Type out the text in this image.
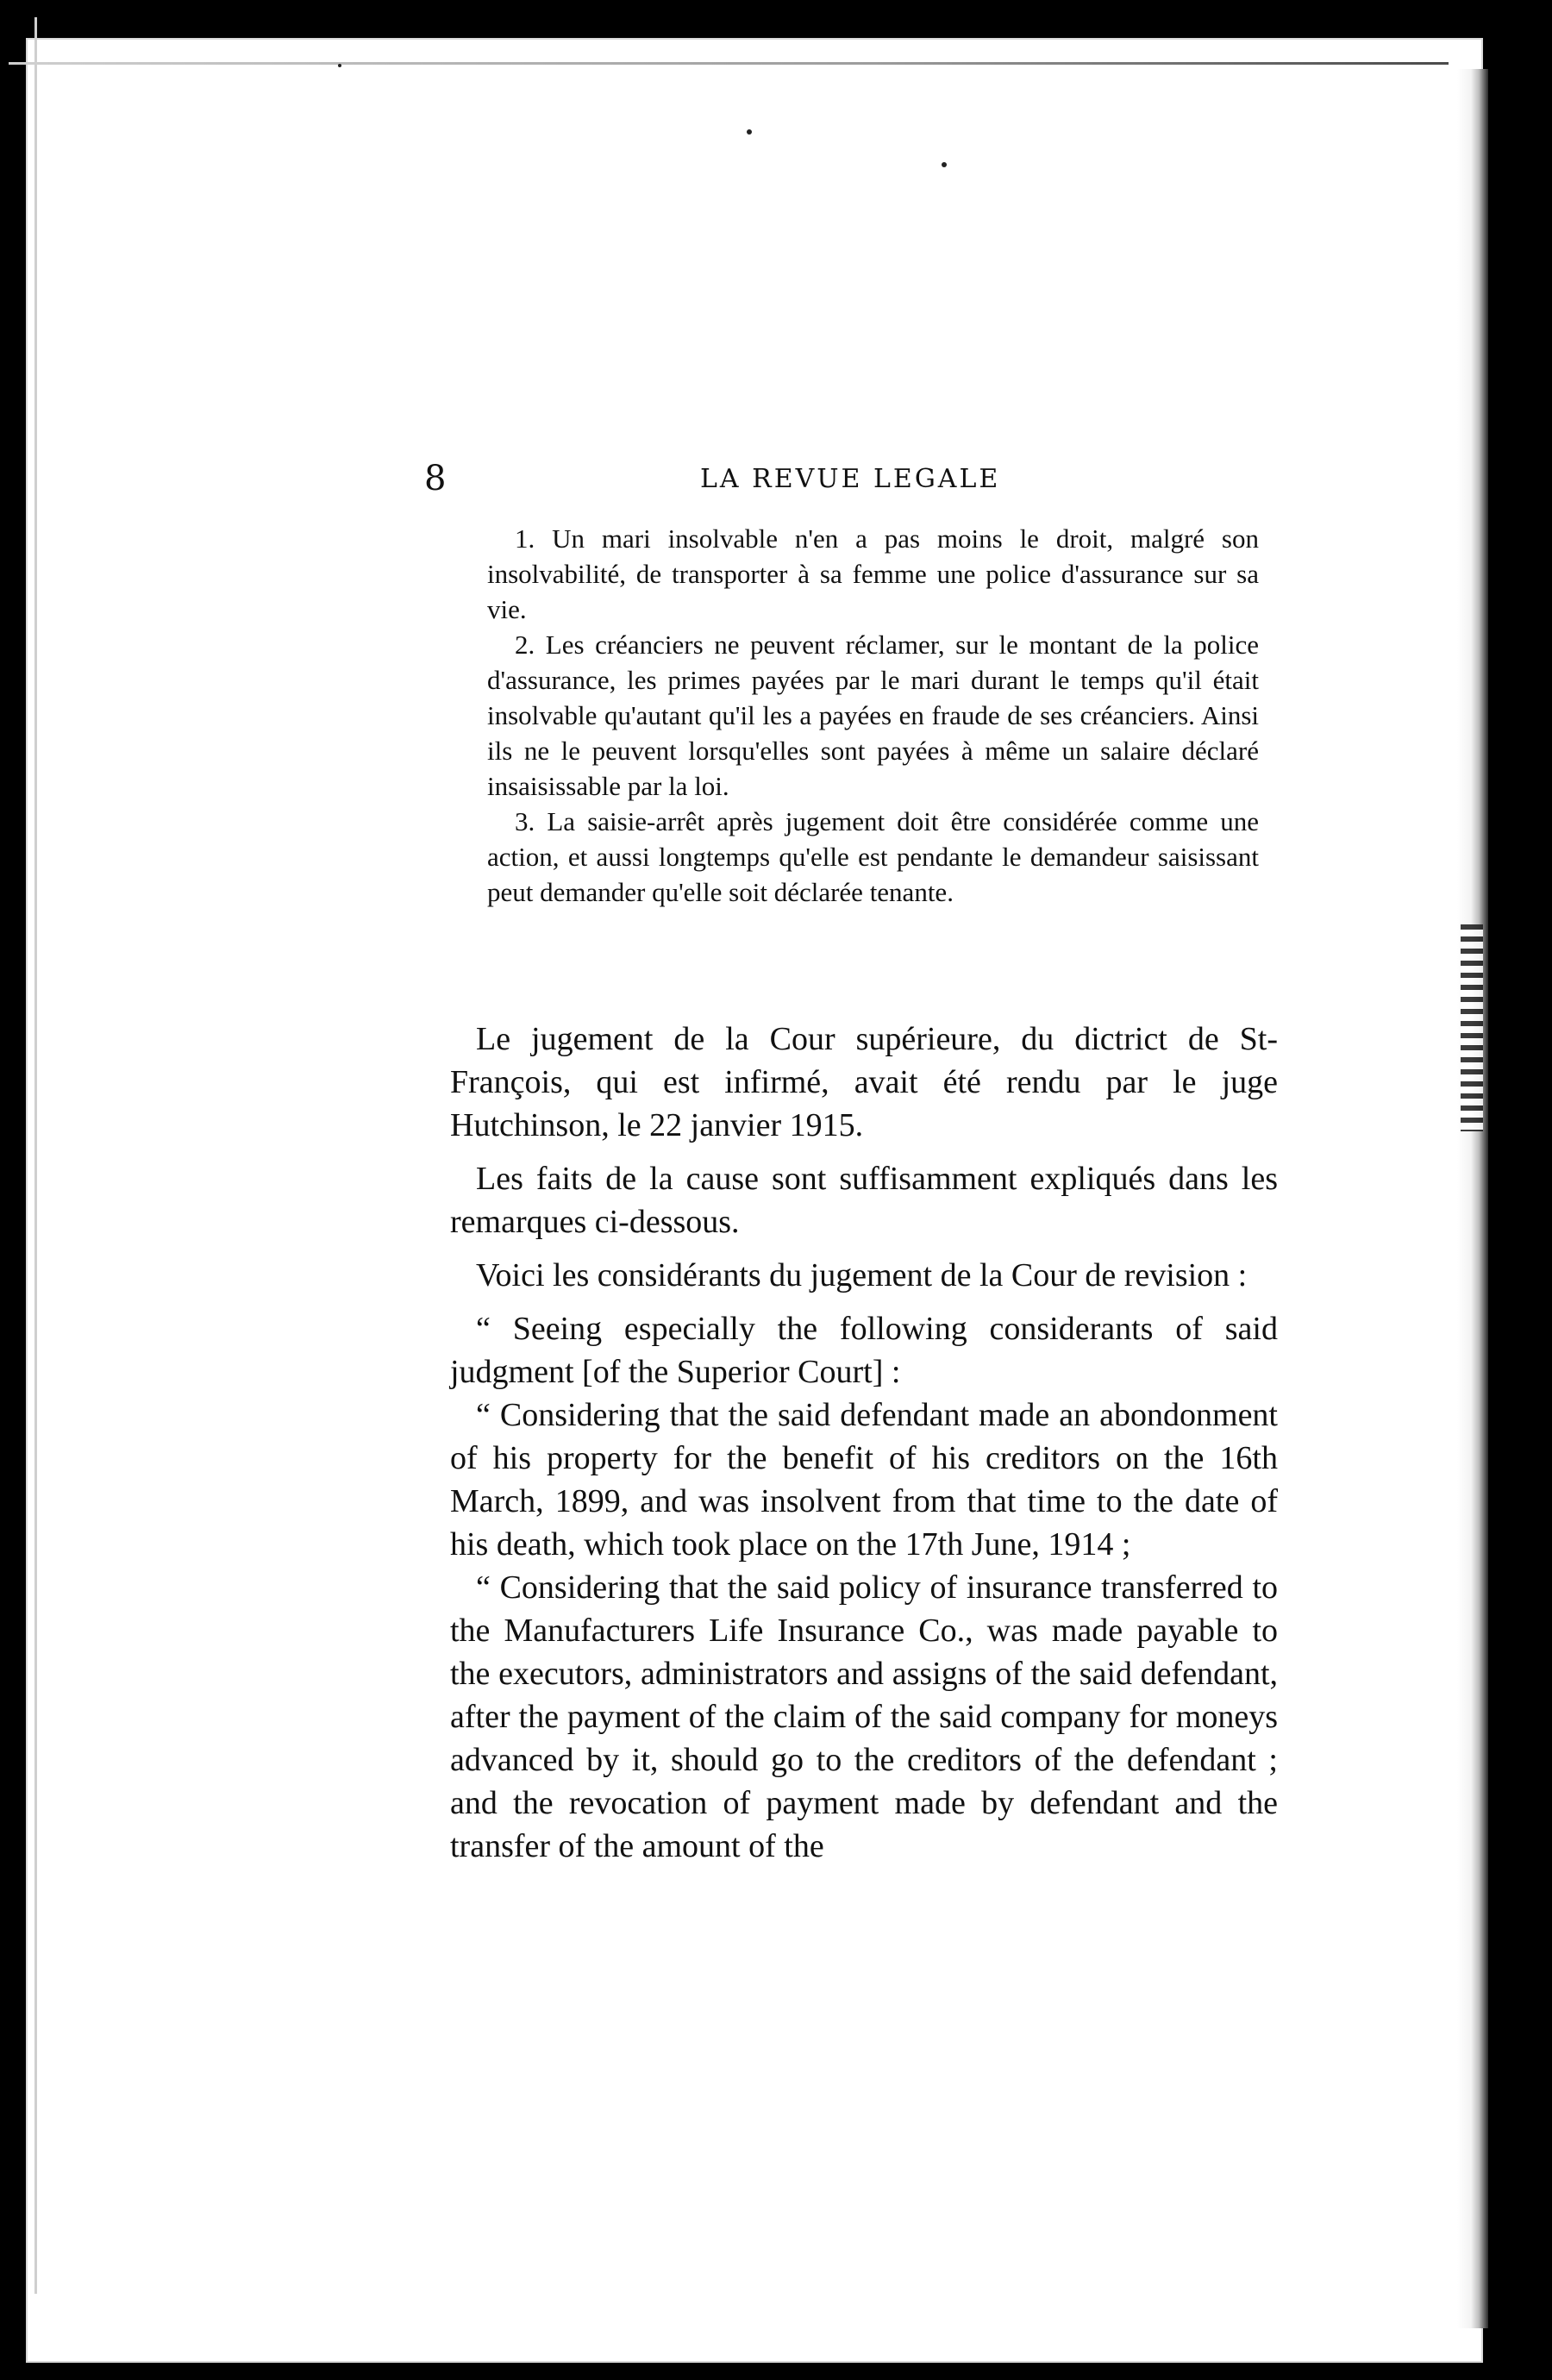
8	LA REVUE LEGALE

1. Un mari insolvable n'en a pas moins le droit, malgré son insolvabilité, de transporter à sa femme une police d'assurance sur sa vie.

2. Les créanciers ne peuvent réclamer, sur le montant de la police d'assurance, les primes payées par le mari durant le temps qu'il était insolvable qu'autant qu'il les a payées en fraude de ses créanciers. Ainsi ils ne le peuvent lorsqu'elles sont payées à même un salaire déclaré insaisissable par la loi.

3. La saisie-arrêt après jugement doit être considérée comme une action, et aussi longtemps qu'elle est pendante le demandeur saisissant peut demander qu'elle soit déclarée tenante.

Le jugement de la Cour supérieure, du dictrict de St-François, qui est infirmé, avait été rendu par le juge Hutchinson, le 22 janvier 1915.

Les faits de la cause sont suffisamment expliqués dans les remarques ci-dessous.

Voici les considérants du jugement de la Cour de revision :

“ Seeing especially the following considerants of said judgment [of the Superior Court] :

“ Considering that the said defendant made an abondonment of his property for the benefit of his creditors on the 16th March, 1899, and was insolvent from that time to the date of his death, which took place on the 17th June, 1914 ;

“ Considering that the said policy of insurance transferred to the Manufacturers Life Insurance Co., was made payable to the executors, administrators and assigns of the said defendant, after the payment of the claim of the said company for moneys advanced by it, should go to the creditors of the defendant ; and the revocation of payment made by defendant and the transfer of the amount of the
